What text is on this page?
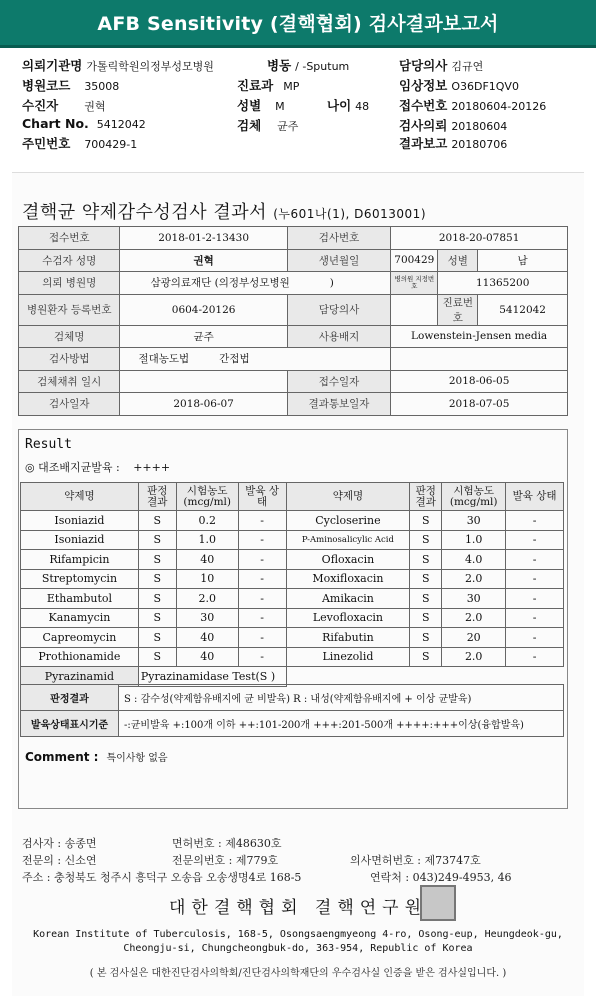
AFB Sensitivity (결핵협회) 검사결과보고서
의뢰기관명 가톨릭학원의정부성모병원	병동 / -Sputum	담당의사 김규연
병원코드 35008	진료과 MP	임상정보 O36DF1QV0
수진자 권혁	성별 M	나이 48 접수번호 20180604-20126
Chart No. 5412042	검체 균주	검사의뢰 20180604
주민번호 700429-1	결과보고 20180706
결핵균 약제감수성검사 결과서 (누601나(1), D6013001)
접수번호	2018-01-2-13430	검사번호	2018-20-07851		
수검자 성명	권혁	생년월일	700429	성별	남
의뢰 병원명	삼광의료재단 (의정부성모병원 )		병의원 지정번호	11365200	
병원환자 등록번호	0604-20126	담당의사		진료번호	5412042
검체명	균주	사용배지	Lowenstein-Jensen media		
검사방법	절대농도법 간접법				
검체채취 일시		접수일자	2018-06-05		
검사일자	2018-06-07	결과통보일자	2018-07-05		
Result
◎ 대조배지균발육 : ++++
약제명	판정 결과	시험농도 (mcg/ml)	발육 상태	약제명	판정 결과	시험농도 (mcg/ml)	발육 상태
Isoniazid	S	0.2	-	Cycloserine	S	30	-
Isoniazid	S	1.0	-	P-Aminosalicylic Acid	S	1.0	-
Rifampicin	S	40	-	Ofloxacin	S	4.0	-
Streptomycin	S	10	-	Moxifloxacin	S	2.0	-
Ethambutol	S	2.0	-	Amikacin	S	30	-
Kanamycin	S	30	-	Levofloxacin	S	2.0	-
Capreomycin	S	40	-	Rifabutin	S	20	-
Prothionamide	S	40	-	Linezolid	S	2.0	-
Pyrazinamid	Pyrazinamidase Test(S )						
판정결과	S : 감수성(약제함유배지에 균 비발육) R : 내성(약제함유배지에 + 이상 균발육)
발육상태표시기준	-:균비발육 +:100개 이하 ++:101-200개 +++:201-500개 ++++:+++이상(융합발육)
Comment : 특이사항 없음
검사자 : 송종면	면허번호 : 제48630호
전문의 : 신소연	전문의번호 : 제779호	의사면허번호 : 제73747호
주소 : 충청북도 청주시 흥덕구 오송읍 오송생명4로 168-5	연락처 : 043)249-4953, 46
대한결핵협회 결핵연구원
Korean Institute of Tuberculosis, 168-5, Osongsaengmyeong 4-ro, Osong-eup, Heungdeok-gu, Cheongju-si, Chungcheongbuk-do, 363-954, Republic of Korea
( 본 검사실은 대한진단검사의학회/진단검사의학재단의 우수검사실 인증을 받은 검사실입니다. )
